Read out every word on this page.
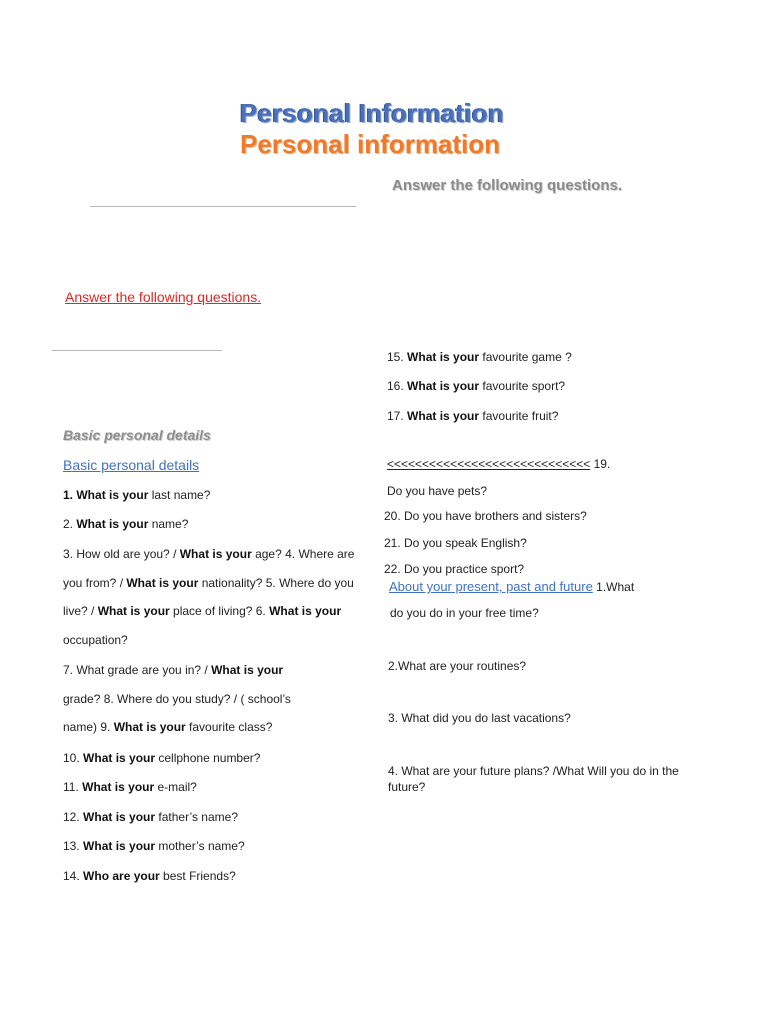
Personal Information
Personal information
Answer the following questions.
Answer the following questions.
Basic personal details
Basic personal details
1. What is your last name?
2. What is your name?
3. How old are you? / What is your age? 4. Where are you from? / What is your nationality? 5. Where do you live? / What is your place of living? 6. What is your occupation?
7. What grade are you in? / What is your grade? 8. Where do you study? / ( school’s name) 9. What is your favourite class?
10. What is your cellphone number?
11. What is your e-mail?
12. What is your father’s name?
13. What is your mother’s name?
14. Who are your best Friends?
15. What is your favourite game ?
16. What is your favourite sport?
17. What is your favourite fruit?
<<<<<<<<<<<<<<<<<<<<<<<<<<<<< 19.
Do you have pets?
20. Do you have brothers and sisters?
21. Do you speak English?
22. Do you practice sport?
About your present, past and future 1.What
do you do in your free time?
2.What are your routines?
3. What did you do last vacations?
4. What are your future plans? /What Will you do in the
future?
